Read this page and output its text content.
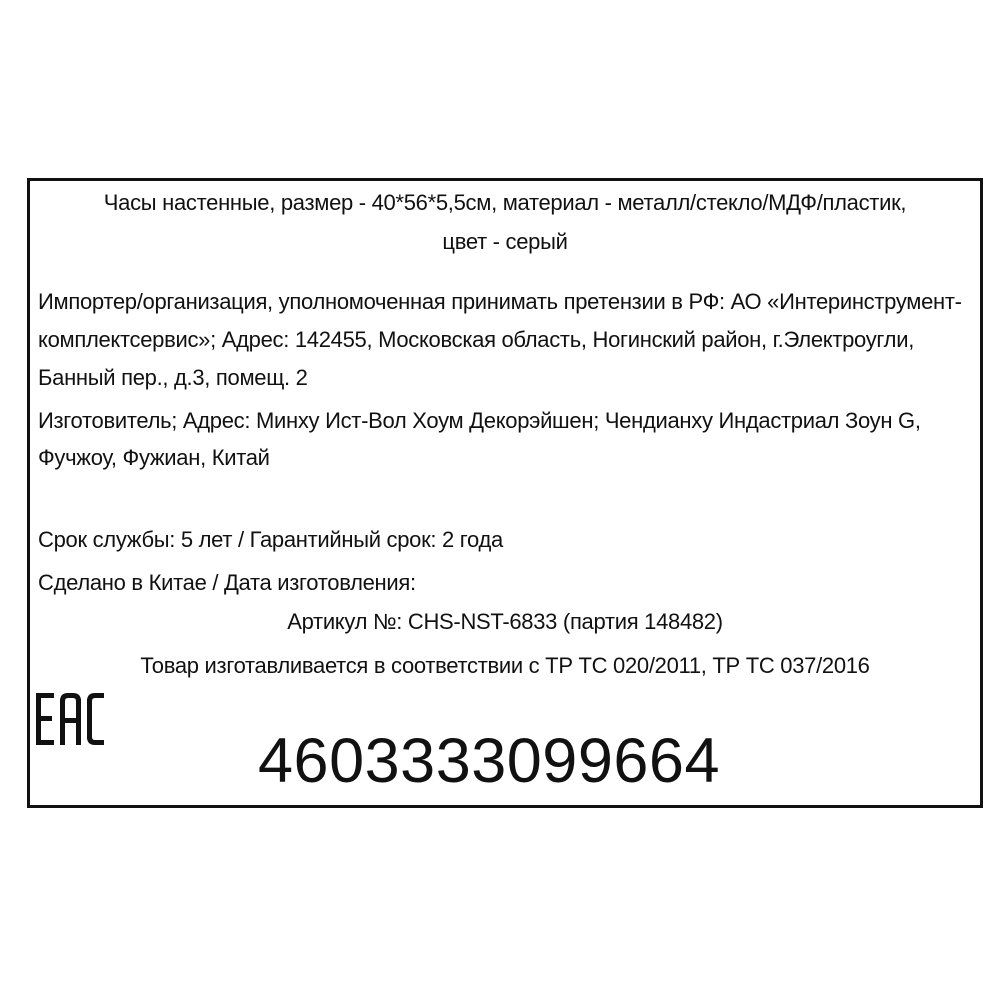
Часы настенные, размер - 40*56*5,5см, материал - металл/стекло/МДФ/пластик,
цвет - серый
Импортер/организация, уполномоченная принимать претензии в РФ: АО «Интеринструмент-
комплектсервис»; Адрес: 142455, Московская область, Ногинский район, г.Электроугли,
Банный пер., д.3, помещ. 2
Изготовитель; Адрес: Минху Ист-Вол Хоум Декорэйшен; Чендианху Индастриал Зоун G,
Фучжоу, Фужиан, Китай
Срок службы: 5 лет / Гарантийный срок: 2 года
Сделано в Китае / Дата изготовления:
Артикул №: CHS-NST-6833 (партия 148482)
Товар изготавливается в соответствии с ТР ТС 020/2011, ТР ТС 037/2016
4603333099664
